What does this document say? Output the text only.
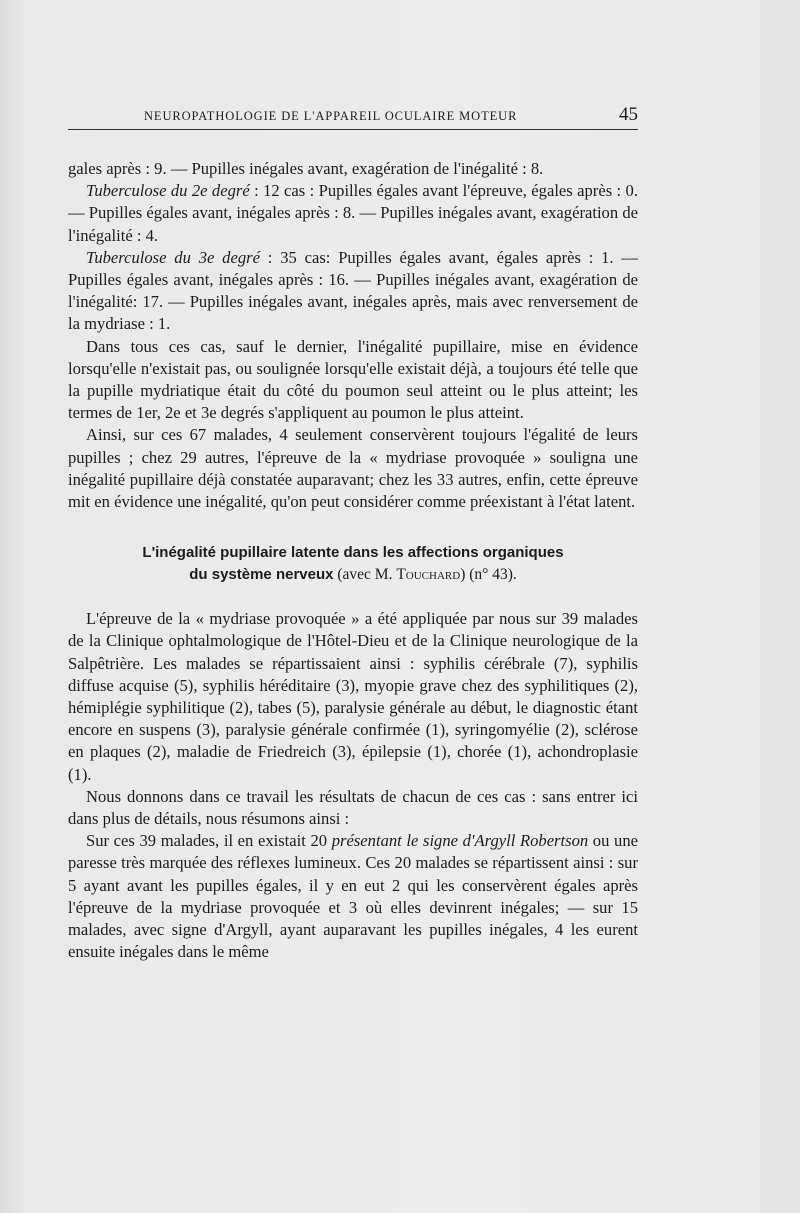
NEUROPATHOLOGIE DE L'APPAREIL OCULAIRE MOTEUR	45

gales après : 9. — Pupilles inégales avant, exagération de l'inégalité : 8.

Tuberculose du 2e degré : 12 cas : Pupilles égales avant l'épreuve, égales après : 0. — Pupilles égales avant, inégales après : 8. — Pupilles inégales avant, exagération de l'inégalité : 4.

Tuberculose du 3e degré : 35 cas: Pupilles égales avant, égales après : 1. — Pupilles égales avant, inégales après : 16. — Pupilles inégales avant, exagération de l'inégalité: 17. — Pupilles inégales avant, inégales après, mais avec renversement de la mydriase : 1.

Dans tous ces cas, sauf le dernier, l'inégalité pupillaire, mise en évidence lorsqu'elle n'existait pas, ou soulignée lorsqu'elle existait déjà, a toujours été telle que la pupille mydriatique était du côté du poumon seul atteint ou le plus atteint; les termes de 1er, 2e et 3e degrés s'appliquent au poumon le plus atteint.

Ainsi, sur ces 67 malades, 4 seulement conservèrent toujours l'égalité de leurs pupilles ; chez 29 autres, l'épreuve de la « mydriase provoquée » souligna une inégalité pupillaire déjà constatée auparavant; chez les 33 autres, enfin, cette épreuve mit en évidence une inégalité, qu'on peut considérer comme préexistant à l'état latent.

L'inégalité pupillaire latente dans les affections organiques
du système nerveux (avec M. Touchard) (n° 43).

L'épreuve de la « mydriase provoquée » a été appliquée par nous sur 39 malades de la Clinique ophtalmologique de l'Hôtel-Dieu et de la Clinique neurologique de la Salpêtrière. Les malades se répartissaient ainsi : syphilis cérébrale (7), syphilis diffuse acquise (5), syphilis héréditaire (3), myopie grave chez des syphilitiques (2), hémiplégie syphilitique (2), tabes (5), paralysie générale au début, le diagnostic étant encore en suspens (3), paralysie générale confirmée (1), syringomyélie (2), sclérose en plaques (2), maladie de Friedreich (3), épilepsie (1), chorée (1), achondroplasie (1).

Nous donnons dans ce travail les résultats de chacun de ces cas : sans entrer ici dans plus de détails, nous résumons ainsi :

Sur ces 39 malades, il en existait 20 présentant le signe d'Argyll Robertson ou une paresse très marquée des réflexes lumineux. Ces 20 malades se répartissent ainsi : sur 5 ayant avant les pupilles égales, il y en eut 2 qui les conservèrent égales après l'épreuve de la mydriase provoquée et 3 où elles devinrent inégales; — sur 15 malades, avec signe d'Argyll, ayant auparavant les pupilles inégales, 4 les eurent ensuite inégales dans le même
